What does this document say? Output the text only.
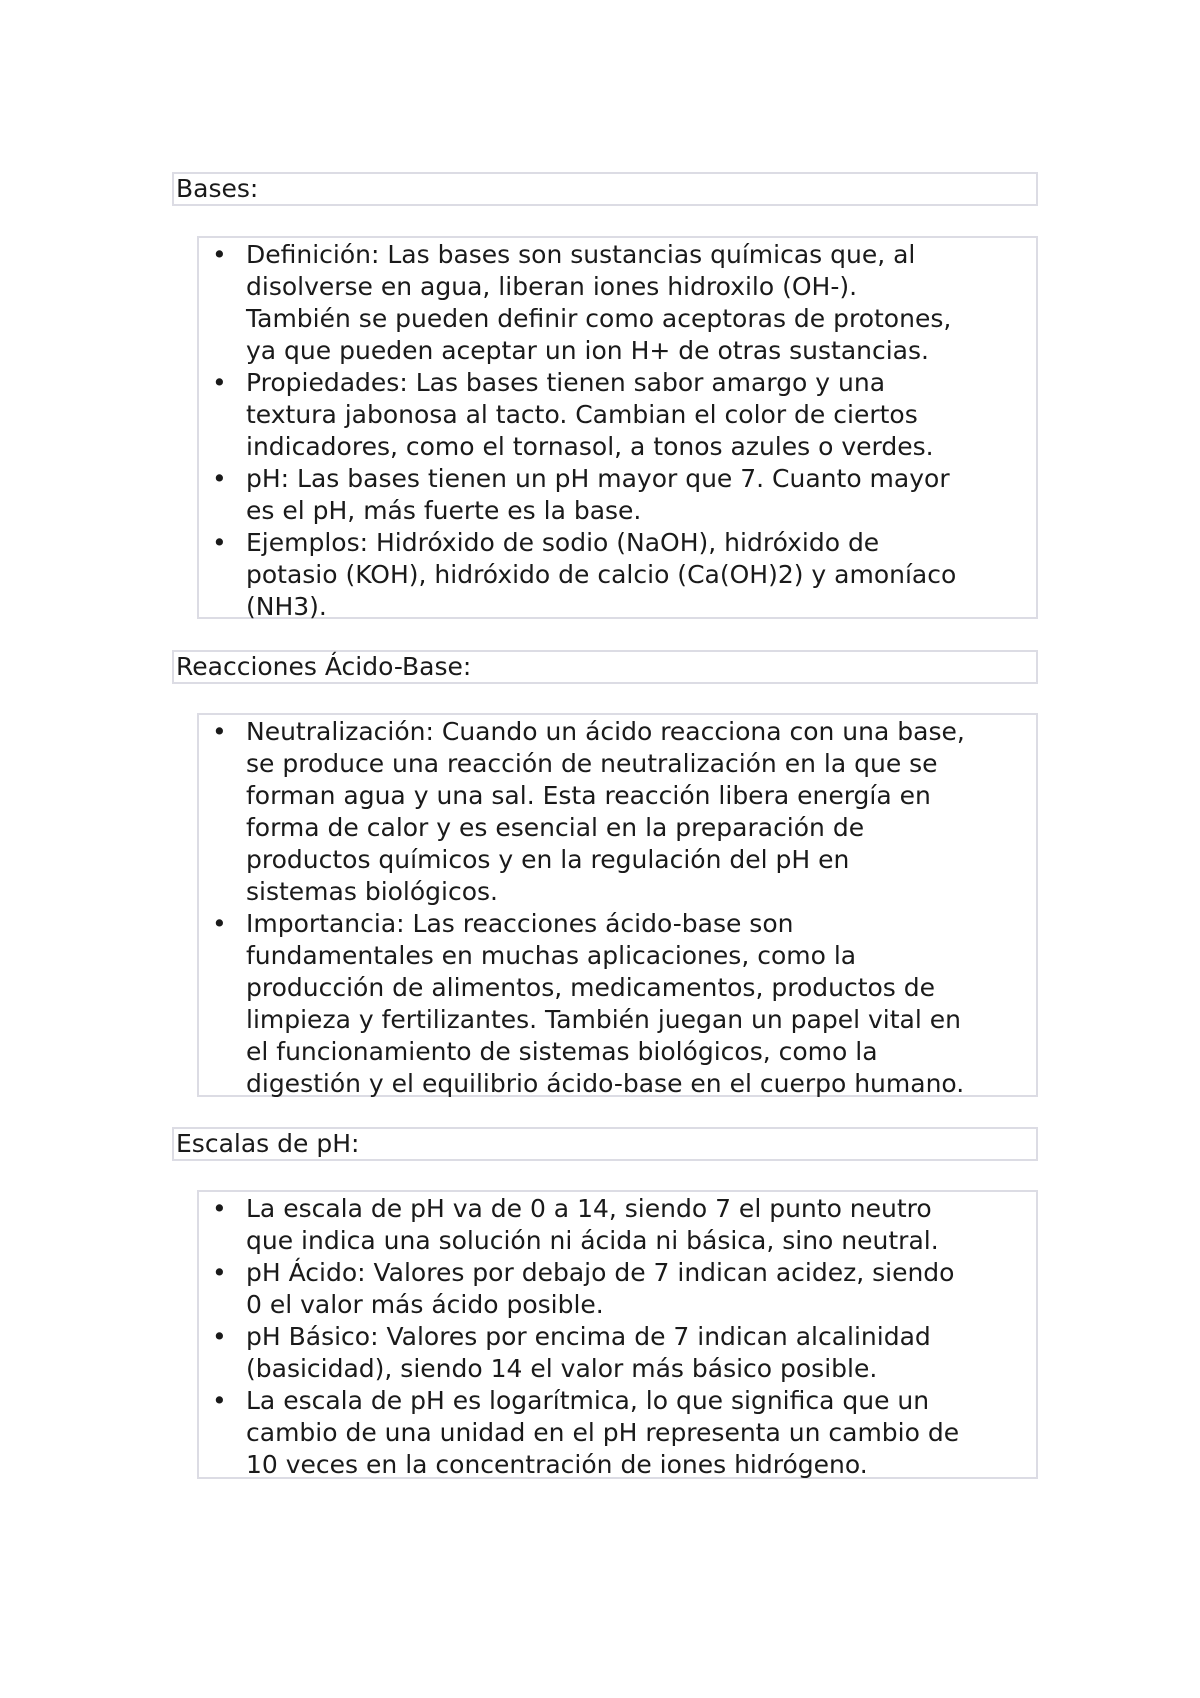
Bases:
• Definición: Las bases son sustancias químicas que, al
disolverse en agua, liberan iones hidroxilo (OH-).
También se pueden definir como aceptoras de protones,
ya que pueden aceptar un ion H+ de otras sustancias.
• Propiedades: Las bases tienen sabor amargo y una
textura jabonosa al tacto. Cambian el color de ciertos
indicadores, como el tornasol, a tonos azules o verdes.
• pH: Las bases tienen un pH mayor que 7. Cuanto mayor
es el pH, más fuerte es la base.
• Ejemplos: Hidróxido de sodio (NaOH), hidróxido de
potasio (KOH), hidróxido de calcio (Ca(OH)2) y amoníaco
(NH3).
Reacciones Ácido-Base:
• Neutralización: Cuando un ácido reacciona con una base,
se produce una reacción de neutralización en la que se
forman agua y una sal. Esta reacción libera energía en
forma de calor y es esencial en la preparación de
productos químicos y en la regulación del pH en
sistemas biológicos.
• Importancia: Las reacciones ácido-base son
fundamentales en muchas aplicaciones, como la
producción de alimentos, medicamentos, productos de
limpieza y fertilizantes. También juegan un papel vital en
el funcionamiento de sistemas biológicos, como la
digestión y el equilibrio ácido-base en el cuerpo humano.
Escalas de pH:
• La escala de pH va de 0 a 14, siendo 7 el punto neutro
que indica una solución ni ácida ni básica, sino neutral.
• pH Ácido: Valores por debajo de 7 indican acidez, siendo
0 el valor más ácido posible.
• pH Básico: Valores por encima de 7 indican alcalinidad
(basicidad), siendo 14 el valor más básico posible.
• La escala de pH es logarítmica, lo que significa que un
cambio de una unidad en el pH representa un cambio de
10 veces en la concentración de iones hidrógeno.
